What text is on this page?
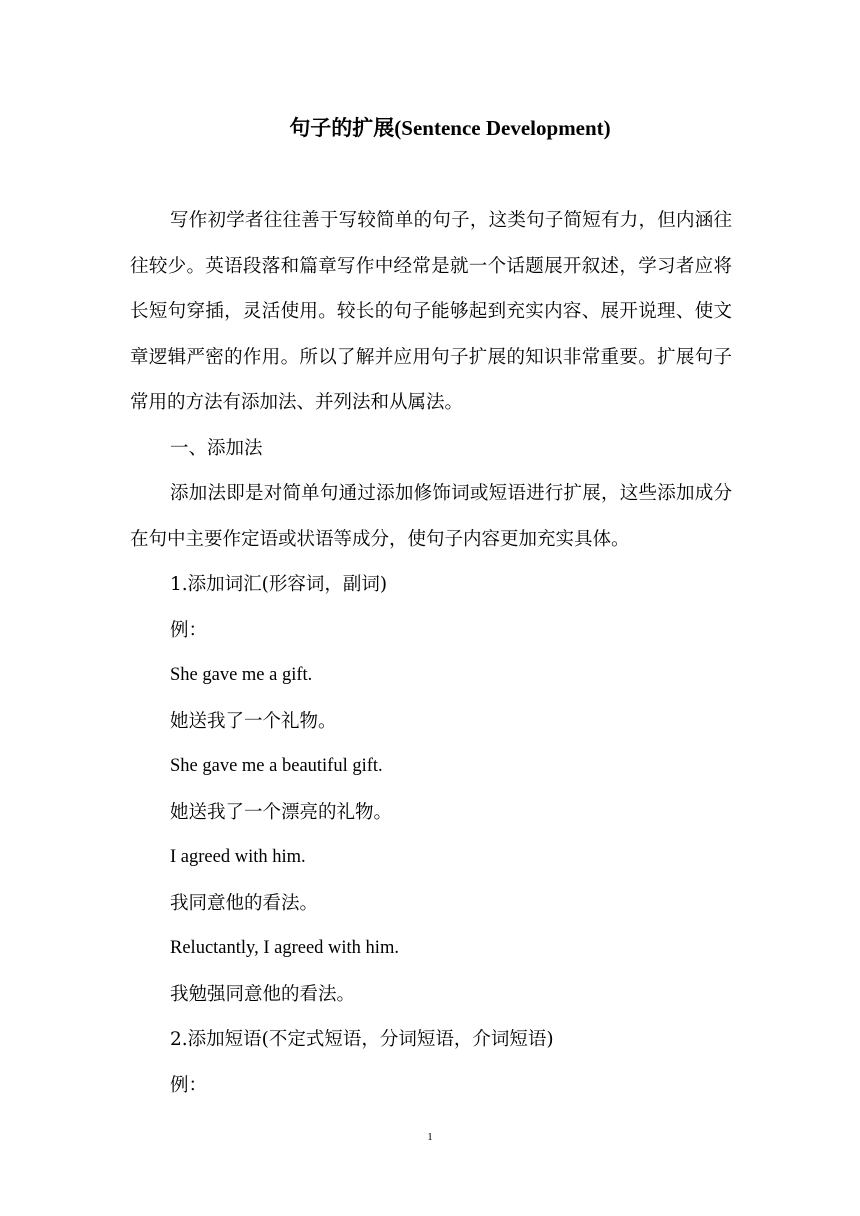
句子的扩展(Sentence Development)

写作初学者往往善于写较简单的句子，这类句子简短有力，但内涵往往较少。英语段落和篇章写作中经常是就一个话题展开叙述，学习者应将长短句穿插，灵活使用。较长的句子能够起到充实内容、展开说理、使文章逻辑严密的作用。所以了解并应用句子扩展的知识非常重要。扩展句子常用的方法有添加法、并列法和从属法。

一、添加法

添加法即是对简单句通过添加修饰词或短语进行扩展，这些添加成分在句中主要作定语或状语等成分，使句子内容更加充实具体。

1.添加词汇(形容词，副词)

例：

She gave me a gift.

她送我了一个礼物。

She gave me a beautiful gift.

她送我了一个漂亮的礼物。

I agreed with him.

我同意他的看法。

Reluctantly, I agreed with him.

我勉强同意他的看法。

2.添加短语(不定式短语，分词短语，介词短语)

例：

1
